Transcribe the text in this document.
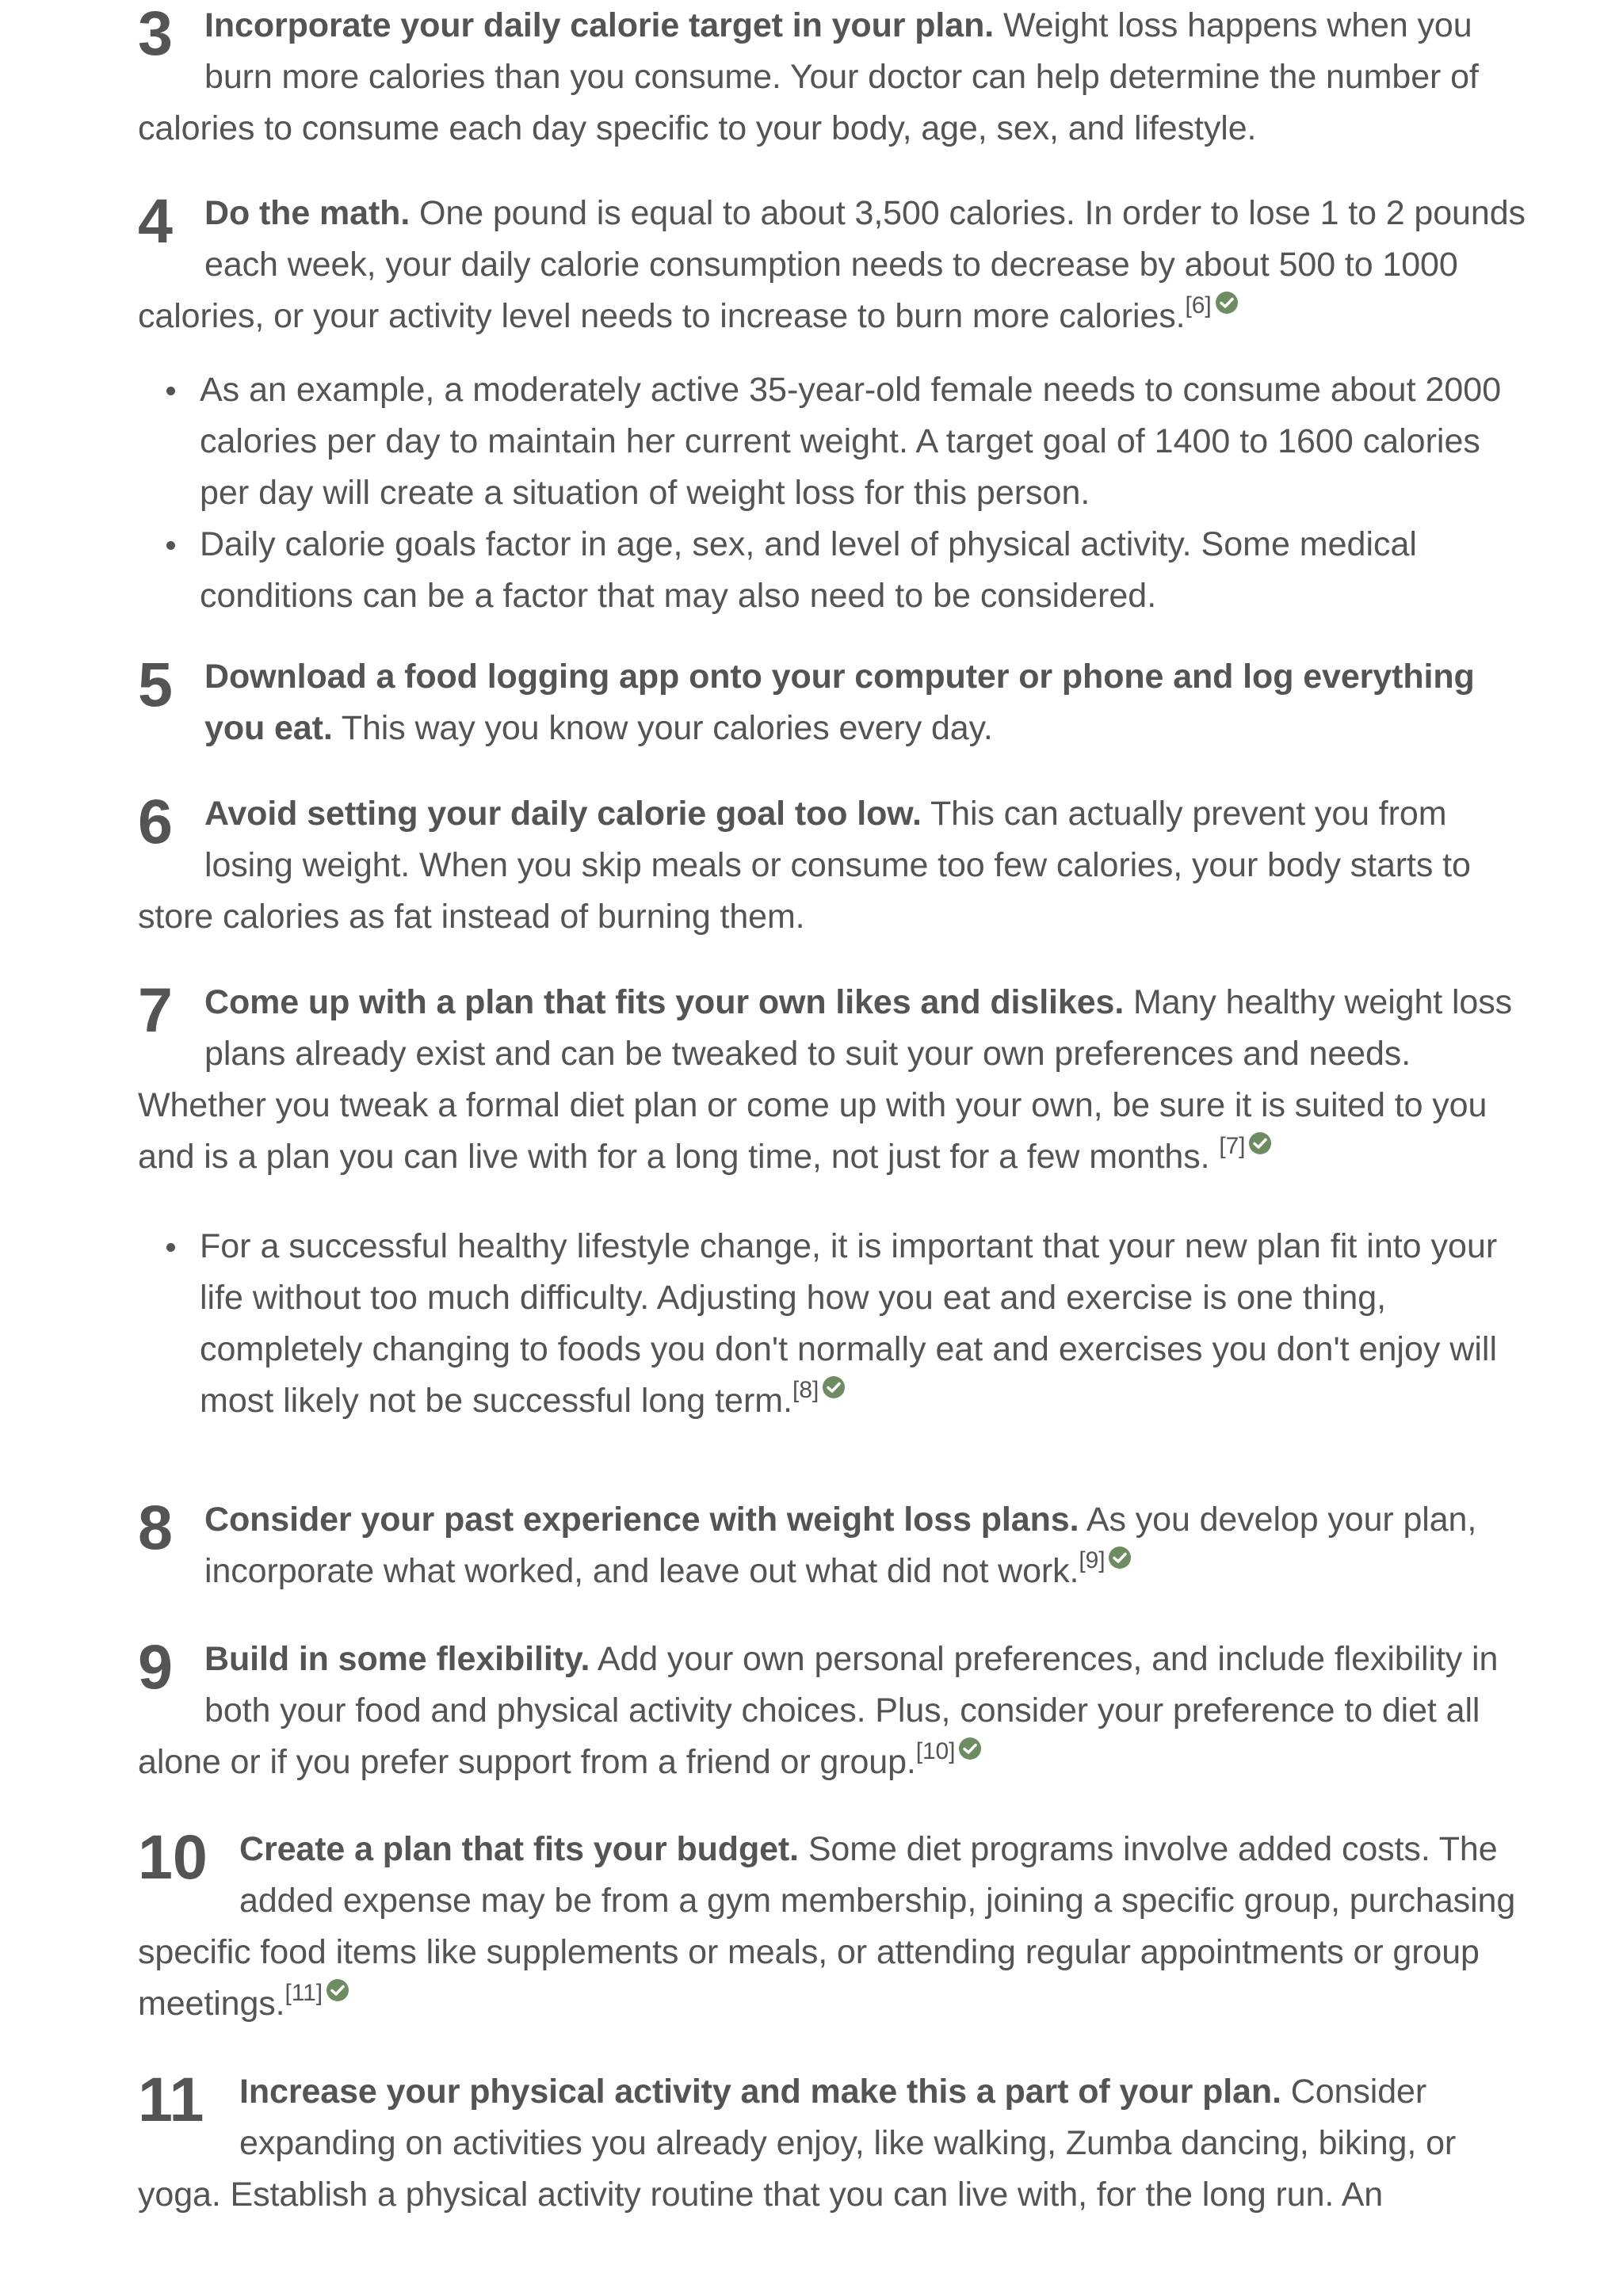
3 Incorporate your daily calorie target in your plan. Weight loss happens when you burn more calories than you consume. Your doctor can help determine the number of calories to consume each day specific to your body, age, sex, and lifestyle.

4 Do the math. One pound is equal to about 3,500 calories. In order to lose 1 to 2 pounds each week, your daily calorie consumption needs to decrease by about 500 to 1000 calories, or your activity level needs to increase to burn more calories.[6]

As an example, a moderately active 35-year-old female needs to consume about 2000 calories per day to maintain her current weight. A target goal of 1400 to 1600 calories per day will create a situation of weight loss for this person.
Daily calorie goals factor in age, sex, and level of physical activity. Some medical conditions can be a factor that may also need to be considered.

5 Download a food logging app onto your computer or phone and log everything you eat. This way you know your calories every day.

6 Avoid setting your daily calorie goal too low. This can actually prevent you from losing weight. When you skip meals or consume too few calories, your body starts to store calories as fat instead of burning them.

7 Come up with a plan that fits your own likes and dislikes. Many healthy weight loss plans already exist and can be tweaked to suit your own preferences and needs. Whether you tweak a formal diet plan or come up with your own, be sure it is suited to you and is a plan you can live with for a long time, not just for a few months. [7]

For a successful healthy lifestyle change, it is important that your new plan fit into your life without too much difficulty. Adjusting how you eat and exercise is one thing, completely changing to foods you don't normally eat and exercises you don't enjoy will most likely not be successful long term.[8]

8 Consider your past experience with weight loss plans. As you develop your plan, incorporate what worked, and leave out what did not work.[9]

9 Build in some flexibility. Add your own personal preferences, and include flexibility in both your food and physical activity choices. Plus, consider your preference to diet all alone or if you prefer support from a friend or group.[10]

10 Create a plan that fits your budget. Some diet programs involve added costs. The added expense may be from a gym membership, joining a specific group, purchasing specific food items like supplements or meals, or attending regular appointments or group meetings.[11]

11	Increase your physical activity and make this a part of your plan. Consider expanding on activities you already enjoy, like walking, Zumba dancing, biking, or yoga. Establish a physical activity routine that you can live with, for the long run. An
